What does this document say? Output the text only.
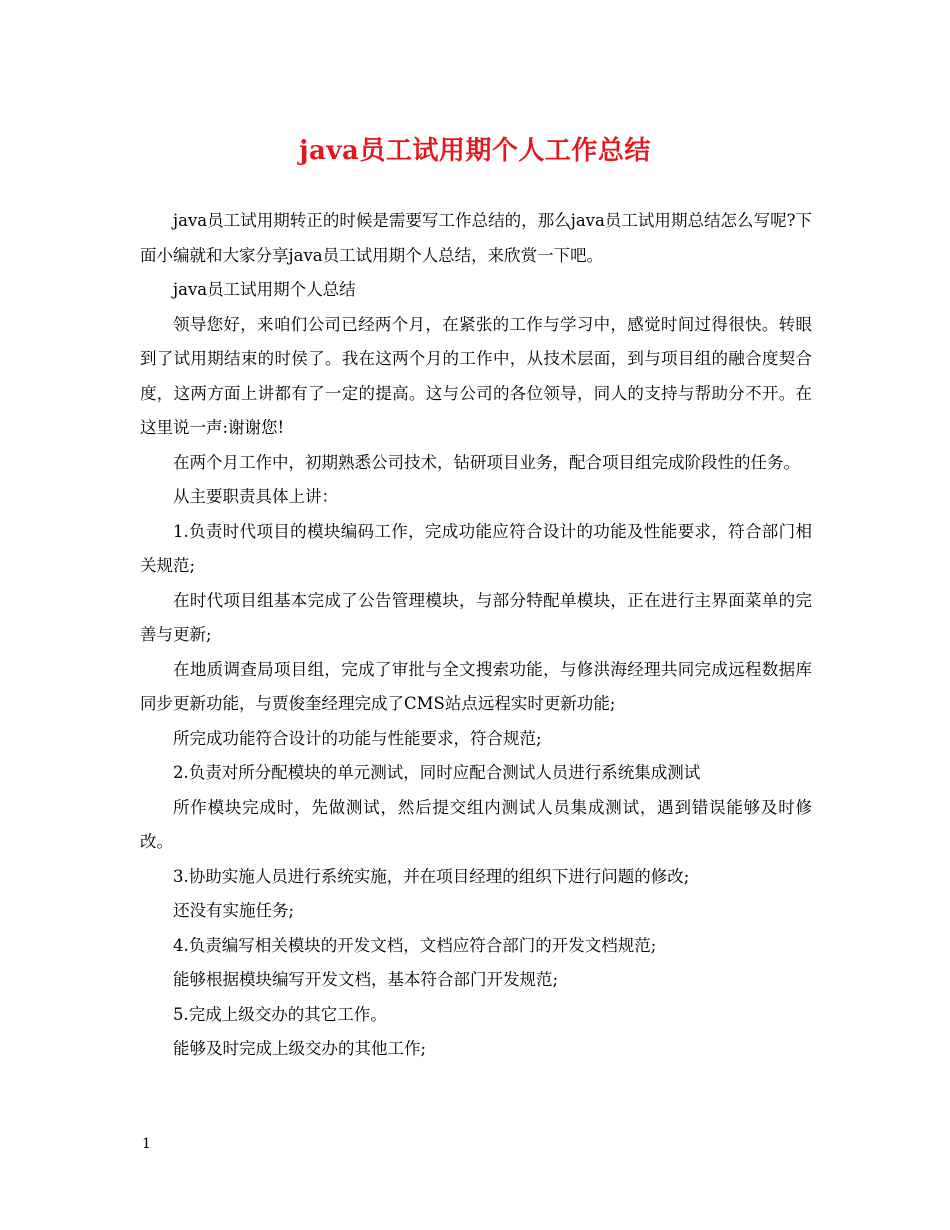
java员工试用期个人工作总结

java员工试用期转正的时候是需要写工作总结的，那么java员工试用期总结怎么写呢?下面小编就和大家分享java员工试用期个人总结，来欣赏一下吧。

java员工试用期个人总结

领导您好，来咱们公司已经两个月，在紧张的工作与学习中，感觉时间过得很快。转眼到了试用期结束的时侯了。我在这两个月的工作中，从技术层面，到与项目组的融合度契合度，这两方面上讲都有了一定的提高。这与公司的各位领导，同人的支持与帮助分不开。在这里说一声:谢谢您!

在两个月工作中，初期熟悉公司技术，钻研项目业务，配合项目组完成阶段性的任务。

从主要职责具体上讲：

1.负责时代项目的模块编码工作，完成功能应符合设计的功能及性能要求，符合部门相关规范;

在时代项目组基本完成了公告管理模块，与部分特配单模块，正在进行主界面菜单的完善与更新;

在地质调查局项目组，完成了审批与全文搜索功能，与修洪海经理共同完成远程数据库同步更新功能，与贾俊奎经理完成了CMS站点远程实时更新功能;

所完成功能符合设计的功能与性能要求，符合规范;

2.负责对所分配模块的单元测试，同时应配合测试人员进行系统集成测试

所作模块完成时，先做测试，然后提交组内测试人员集成测试，遇到错误能够及时修改。

3.协助实施人员进行系统实施，并在项目经理的组织下进行问题的修改;

还没有实施任务;

4.负责编写相关模块的开发文档，文档应符合部门的开发文档规范;

能够根据模块编写开发文档，基本符合部门开发规范;

5.完成上级交办的其它工作。

能够及时完成上级交办的其他工作;

1
